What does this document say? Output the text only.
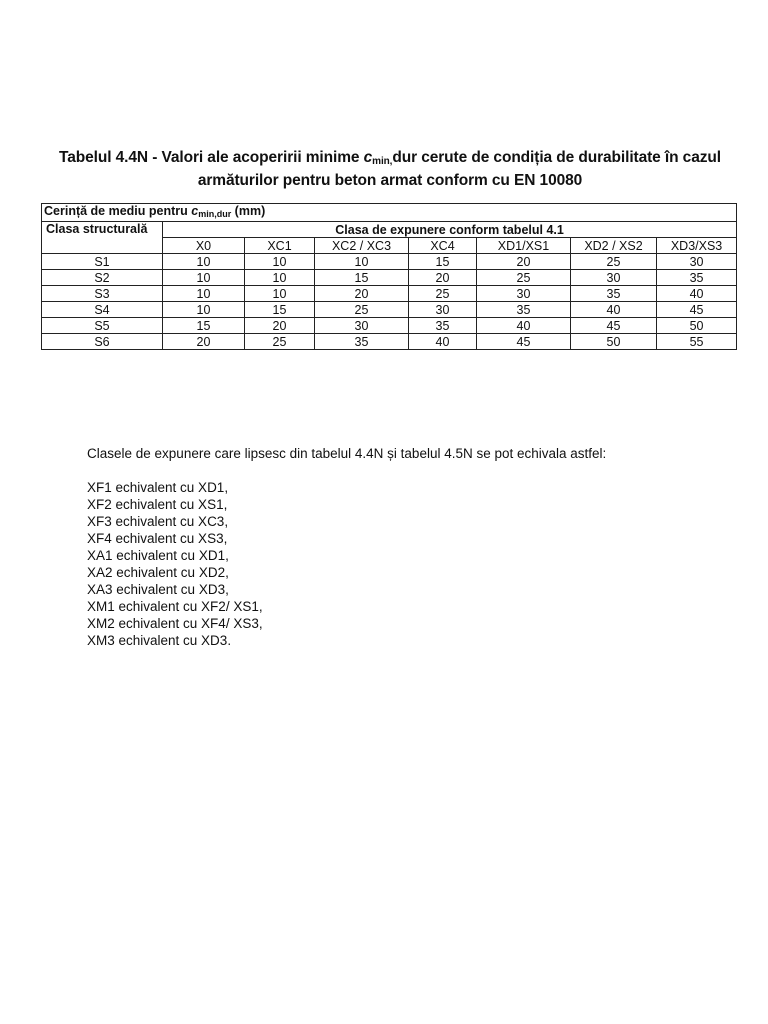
Tabelul 4.4N - Valori ale acoperirii minime $c_{min,}dur$ cerute de condiția de durabilitate în cazul
armăturilor pentru beton armat conform cu EN 10080
Cerință de mediu pentru $c_{min,dur}$ (mm)							
Clasa structurală	Clasa de expunere conform tabelul 4.1						
	X0	XC1	XC2 / XC3	XC4	XD1/XS1	XD2 / XS2	XD3/XS3
S1	10	10	10	15	20	25	30
S2	10	10	15	20	25	30	35
S3	10	10	20	25	30	35	40
S4	10	15	25	30	35	40	45
S5	15	20	30	35	40	45	50
S6	20	25	35	40	45	50	55

Clasele de expunere care lipsesc din tabelul 4.4N și tabelul 4.5N se pot echivala astfel:

XF1 echivalent cu XD1,
XF2 echivalent cu XS1,
XF3 echivalent cu XC3,
XF4 echivalent cu XS3,
XA1 echivalent cu XD1,
XA2 echivalent cu XD2,
XA3 echivalent cu XD3,
XM1 echivalent cu XF2/ XS1,
XM2 echivalent cu XF4/ XS3,
XM3 echivalent cu XD3.
